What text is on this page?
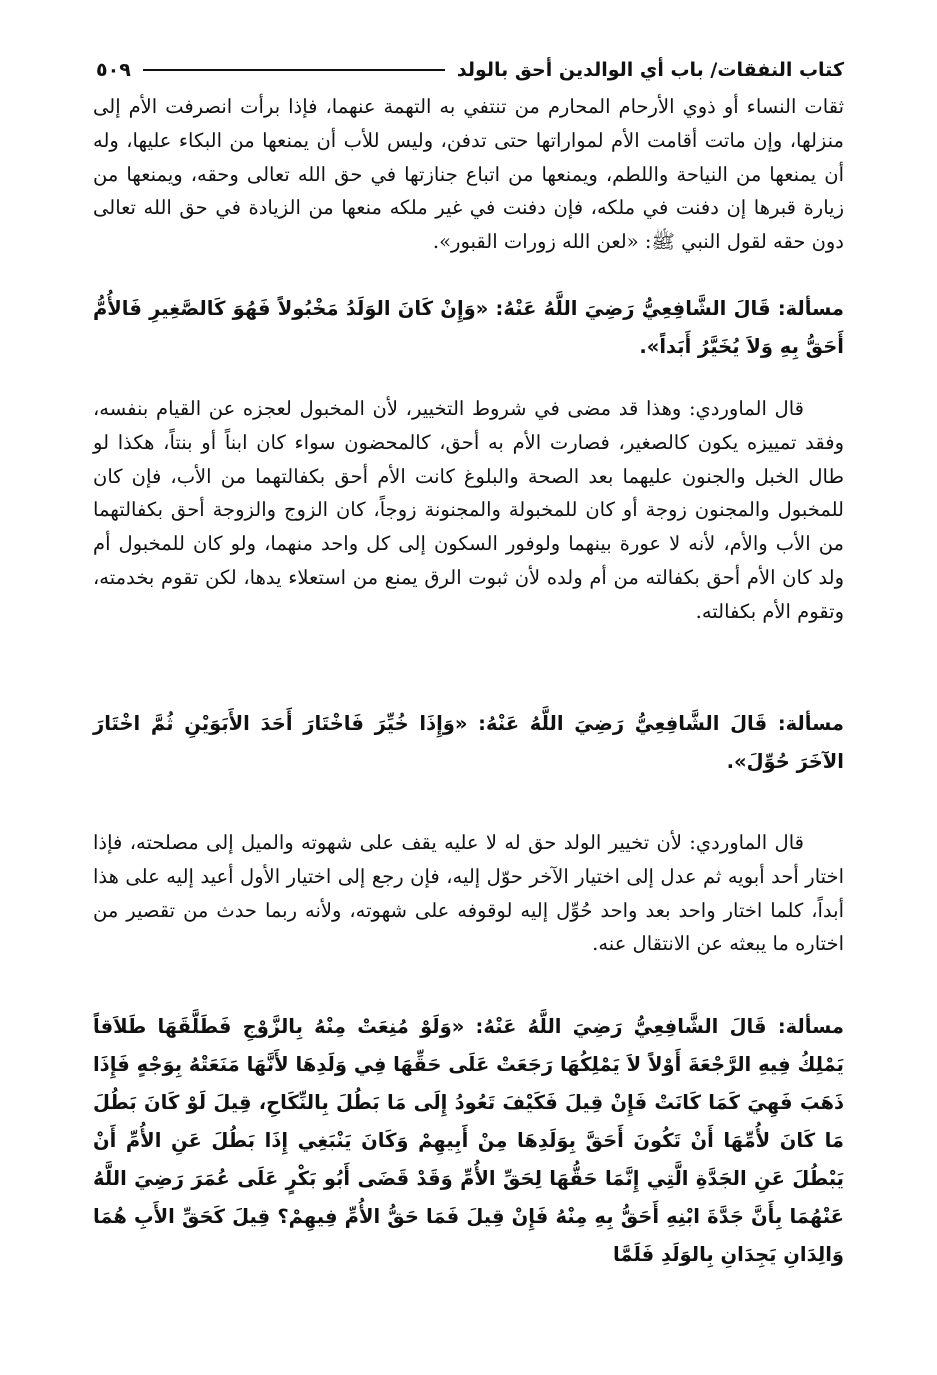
كتاب النفقات/ باب أي الوالدين أحق بالولد
٥٠٩

ثقات النساء أو ذوي الأرحام المحارم من تنتفي به التهمة عنهما، فإذا برأت انصرفت الأم إلى منزلها، وإن ماتت أقامت الأم لمواراتها حتى تدفن، وليس للأب أن يمنعها من البكاء عليها، وله أن يمنعها من النياحة واللطم، ويمنعها من اتباع جنازتها في حق الله تعالى وحقه، ويمنعها من زيارة قبرها إن دفنت في ملكه، فإن دفنت في غير ملكه منعها من الزيادة في حق الله تعالى دون حقه لقول النبي ﷺ: «لعن الله زورات القبور».

مسألة: قَالَ الشَّافِعِيُّ رَضِيَ اللَّهُ عَنْهُ: «وَإِنْ كَانَ الوَلَدُ مَخْبُولاً فَهُوَ كَالصَّغِيرِ فَالأُمُّ أَحَقُّ بِهِ وَلاَ يُخَيَّرُ أَبَداً».

قال الماوردي: وهذا قد مضى في شروط التخيير، لأن المخبول لعجزه عن القيام بنفسه، وفقد تمييزه يكون كالصغير، فصارت الأم به أحق، كالمحضون سواء كان ابناً أو بنتاً، هكذا لو طال الخبل والجنون عليهما بعد الصحة والبلوغ كانت الأم أحق بكفالتهما من الأب، فإن كان للمخبول والمجنون زوجة أو كان للمخبولة والمجنونة زوجاً، كان الزوج والزوجة أحق بكفالتهما من الأب والأم، لأنه لا عورة بينهما ولوفور السكون إلى كل واحد منهما، ولو كان للمخبول أم ولد كان الأم أحق بكفالته من أم ولده لأن ثبوت الرق يمنع من استعلاء يدها، لكن تقوم بخدمته، وتقوم الأم بكفالته.

مسألة: قَالَ الشَّافِعِيُّ رَضِيَ اللَّهُ عَنْهُ: «وَإِذَا خُيِّرَ فَاخْتَارَ أَحَدَ الأَبَوَيْنِ ثُمَّ اخْتَارَ الآخَرَ حُوِّلَ».

قال الماوردي: لأن تخيير الولد حق له لا عليه يقف على شهوته والميل إلى مصلحته، فإذا اختار أحد أبويه ثم عدل إلى اختيار الآخر حوّل إليه، فإن رجع إلى اختيار الأول أعيد إليه على هذا أبداً، كلما اختار واحد بعد واحد حُوِّل إليه لوقوفه على شهوته، ولأنه ربما حدث من تقصير من اختاره ما يبعثه عن الانتقال عنه.

مسألة: قَالَ الشَّافِعِيُّ رَضِيَ اللَّهُ عَنْهُ: «وَلَوْ مُنِعَتْ مِنْهُ بِالزَّوْجِ فَطَلَّقَهَا طَلاَقاً يَمْلِكُ فِيهِ الرَّجْعَةَ أَوْلاً لاَ يَمْلِكُهَا رَجَعَتْ عَلَى حَقِّهَا فِي وَلَدِهَا لأَنَّهَا مَنَعَتْهُ بِوَجْهٍ فَإِذَا ذَهَبَ فَهِيَ كَمَا كَانَتْ فَإِنْ قِيلَ فَكَيْفَ تَعُودُ إِلَى مَا بَطُلَ بِالنِّكَاحِ، قِيلَ لَوْ كَانَ بَطُلَ مَا كَانَ لأُمِّهَا أَنْ تَكُونَ أَحَقَّ بِوَلَدِهَا مِنْ أَبِيهِمْ وَكَانَ يَنْبَغِي إِذَا بَطُلَ عَنِ الأُمِّ أَنْ يَبْطُلَ عَنِ الجَدَّةِ الَّتِي إِنَّمَا حَقُّهَا لِحَقِّ الأُمِّ وَقَدْ قَضَى أَبُو بَكْرٍ عَلَى عُمَرَ رَضِيَ اللَّهُ عَنْهُمَا بِأَنَّ جَدَّةَ ابْنِهِ أَحَقُّ بِهِ مِنْهُ فَإِنْ قِيلَ فَمَا حَقُّ الأُمِّ فِيهِمْ؟ قِيلَ كَحَقِّ الأَبِ هُمَا وَالِدَانِ يَجِدَانِ بِالوَلَدِ فَلَمَّا
